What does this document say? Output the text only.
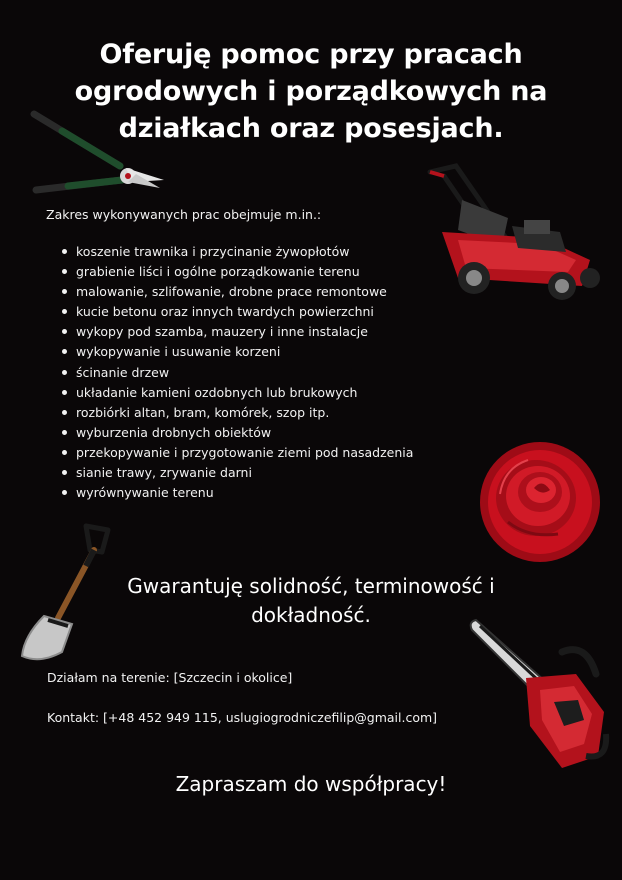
Oferuję pomoc przy pracach
ogrodowych i porządkowych na
działkach oraz posesjach.
Zakres wykonywanych prac obejmuje m.in.:
koszenie trawnika i przycinanie żywopłotów
grabienie liści i ogólne porządkowanie terenu
malowanie, szlifowanie, drobne prace remontowe
kucie betonu oraz innych twardych powierzchni
wykopy pod szamba, mauzery i inne instalacje
wykopywanie i usuwanie korzeni
ścinanie drzew
układanie kamieni ozdobnych lub brukowych
rozbiórki altan, bram, komórek, szop itp.
wyburzenia drobnych obiektów
przekopywanie i przygotowanie ziemi pod nasadzenia
sianie trawy, zrywanie darni
wyrównywanie terenu
Gwarantuję solidność, terminowość i
dokładność.
Działam na terenie: [Szczecin i okolice]
Kontakt: [+48 452 949 115, uslugiogrodniczefilip@gmail.com]
Zapraszam do współpracy!
